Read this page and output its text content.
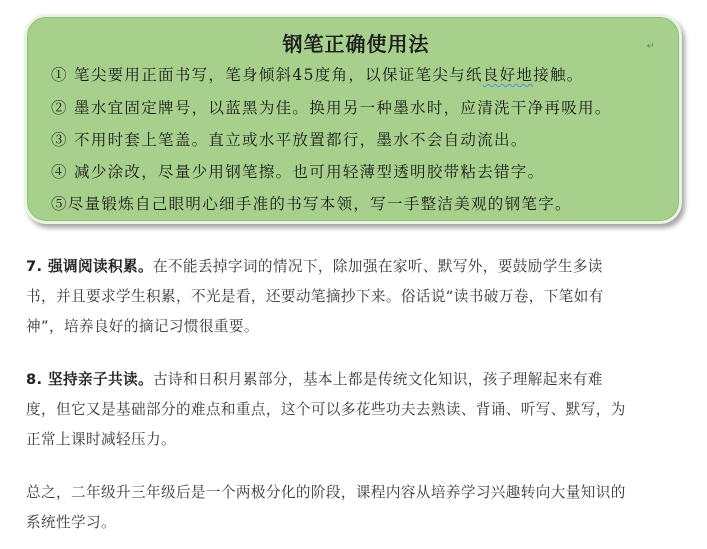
钢笔正确使用法	↵
① 笔尖要用正面书写，笔身倾斜45度角，以保证笔尖与纸良好地接触。
② 墨水宜固定牌号，以蓝黑为佳。换用另一种墨水时，应清洗干净再吸用。
③ 不用时套上笔盖。直立或水平放置都行，墨水不会自动流出。
④ 减少涂改，尽量少用钢笔擦。也可用轻薄型透明胶带粘去错字。
⑤尽量锻炼自己眼明心细手准的书写本领，写一手整洁美观的钢笔字。
7. 强调阅读积累。在不能丢掉字词的情况下，除加强在家听、默写外，要鼓励学生多读
书，并且要求学生积累，不光是看，还要动笔摘抄下来。俗话说“读书破万卷，下笔如有
神”，培养良好的摘记习惯很重要。
8. 坚持亲子共读。古诗和日积月累部分，基本上都是传统文化知识，孩子理解起来有难
度，但它又是基础部分的难点和重点，这个可以多花些功夫去熟读、背诵、听写、默写，为
正常上课时减轻压力。
总之，二年级升三年级后是一个两极分化的阶段，课程内容从培养学习兴趣转向大量知识的
系统性学习。
